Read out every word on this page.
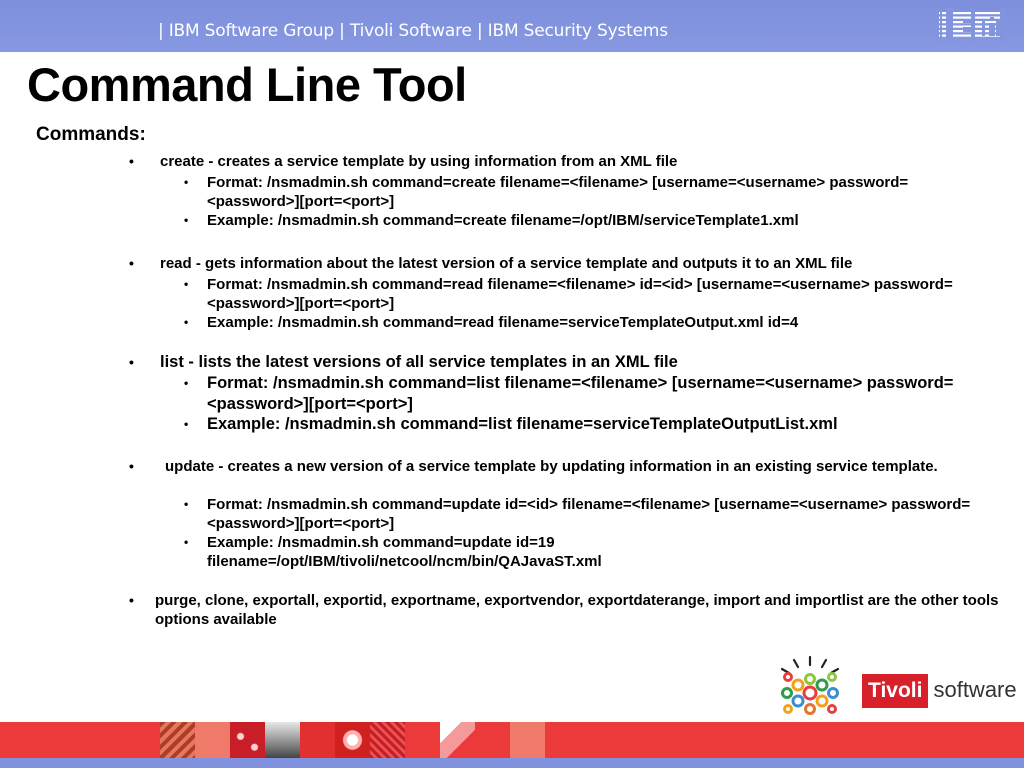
| IBM Software Group | Tivoli Software | IBM Security Systems
Command Line Tool
Commands:
• create - creates a service template by using information from an XML file
• Format: /nsmadmin.sh command=create filename=<filename> [username=<username> password=<password>][port=<port>]
• Example: /nsmadmin.sh command=create filename=/opt/IBM/serviceTemplate1.xml
• read - gets information about the latest version of a service template and outputs it to an XML file
• Format: /nsmadmin.sh command=read filename=<filename> id=<id> [username=<username> password=<password>][port=<port>]
• Example: /nsmadmin.sh command=read filename=serviceTemplateOutput.xml id=4
• list - lists the latest versions of all service templates in an XML file
• Format: /nsmadmin.sh command=list filename=<filename> [username=<username> password=<password>][port=<port>]
• Example: /nsmadmin.sh command=list filename=serviceTemplateOutputList.xml
• update - creates a new version of a service template by updating information in an existing service template.
• Format: /nsmadmin.sh command=update id=<id> filename=<filename> [username=<username> password=<password>][port=<port>]
• Example: /nsmadmin.sh command=update id=19 filename=/opt/IBM/tivoli/netcool/ncm/bin/QAJavaST.xml
• purge, clone, exportall, exportid, exportname, exportvendor, exportdaterange, import and importlist are the other tools options available
Tivoli software
